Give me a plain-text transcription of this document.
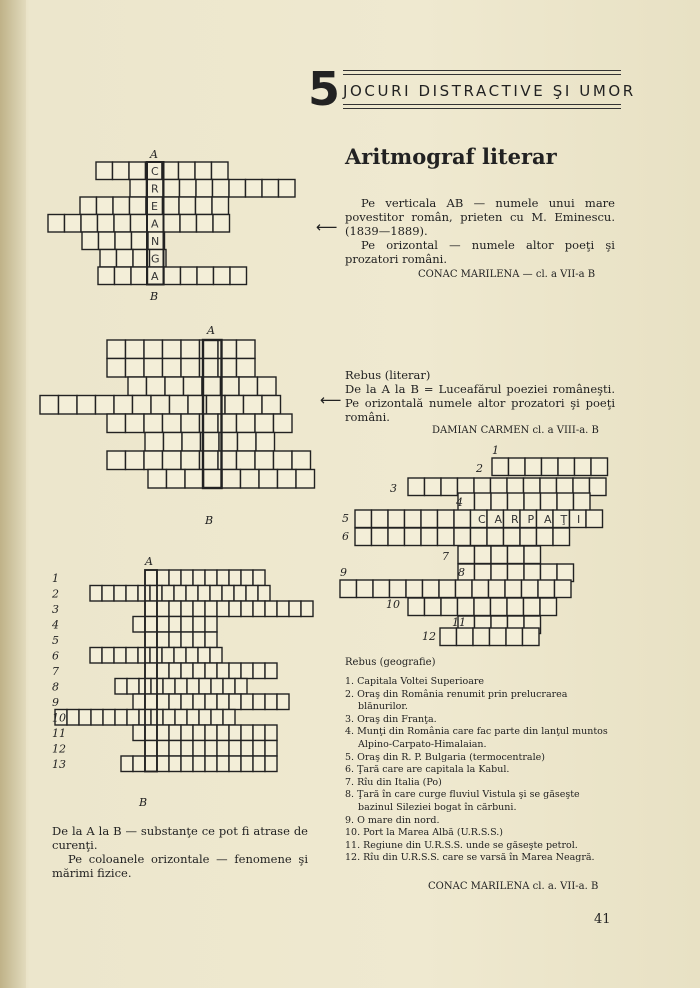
5 JOCURI DISTRACTIVE ŞI UMOR
Aritmograf literar
Pe verticala AB — numele unui mare povestitor român, prieten cu M. Eminescu. (1839—1889).
Pe orizontal — numele altor poeţi şi prozatori români.
CONAC MARILENA — cl. a VII-a B
⟵
Rebus (literar)
De la A la B = Luceafărul poeziei româneşti. Pe orizontală numele altor prozatori şi poeţi români.
DAMIAN CARMEN cl. a VIII-a. B
⟵
De la A la B — substanţe ce pot fi atrase de curenţi.
Pe coloanele orizontale — fenomene şi mărimi fizice.
Rebus (geografie)
1. Capitala Voltei Superioare
2. Oraş din România renumit prin prelucrarea blănurilor.
3. Oraş din Franţa.
4. Munţi din România care fac parte din lanţul muntos Alpino-Carpato-Himalaian.
5. Oraş din R. P. Bulgaria (termocentrale)
6. Ţară care are capitala la Kabul.
7. Rîu din Italia (Po)
8. Ţară în care curge fluviul Vistula şi se găseşte bazinul Sileziei bogat în cărbuni.
9. O mare din nord.
10. Port la Marea Albă (U.R.S.S.)
11. Regiune din U.R.S.S. unde se găseşte petrol.
12. Rîu din U.R.S.S. care se varsă în Marea Neagră.
CONAC MARILENA cl. a. VII-a. B
41
C
R
E
A
N
G
A
A
B
A
B
A
B
1
2
3
4
5
6
7
8
9
10
11
12
13
1
2
3
4
5
6
7
8
9
10
11
12
C A R P A Ţ I
